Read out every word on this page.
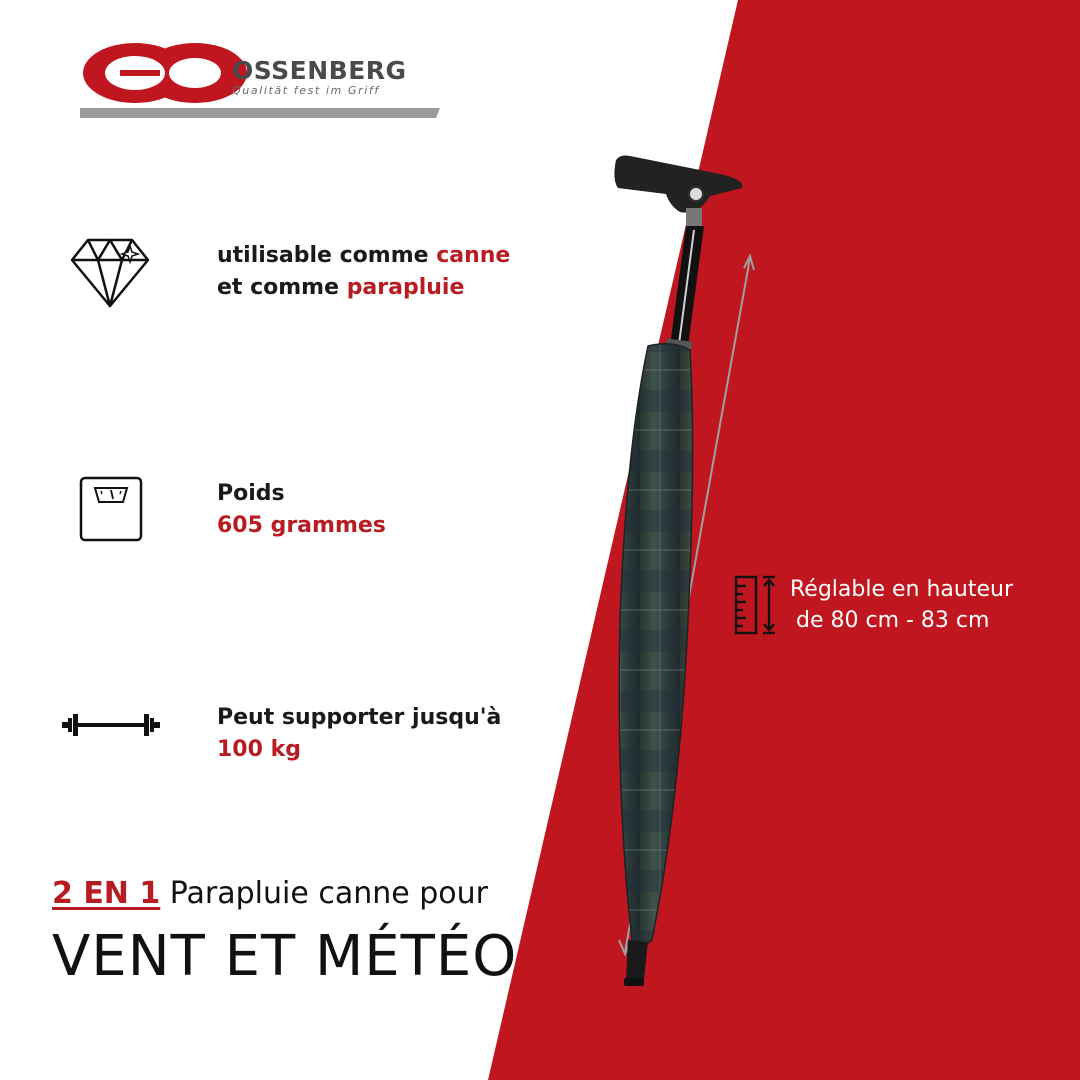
OSSENBERG
Qualität fest im Griff
utilisable comme canne
et comme parapluie
Poids
605 grammes
Peut supporter jusqu'à
100 kg
Réglable en hauteur
de 80 cm - 83 cm
2 EN 1 Parapluie canne pour
VENT ET MÉTÉO
